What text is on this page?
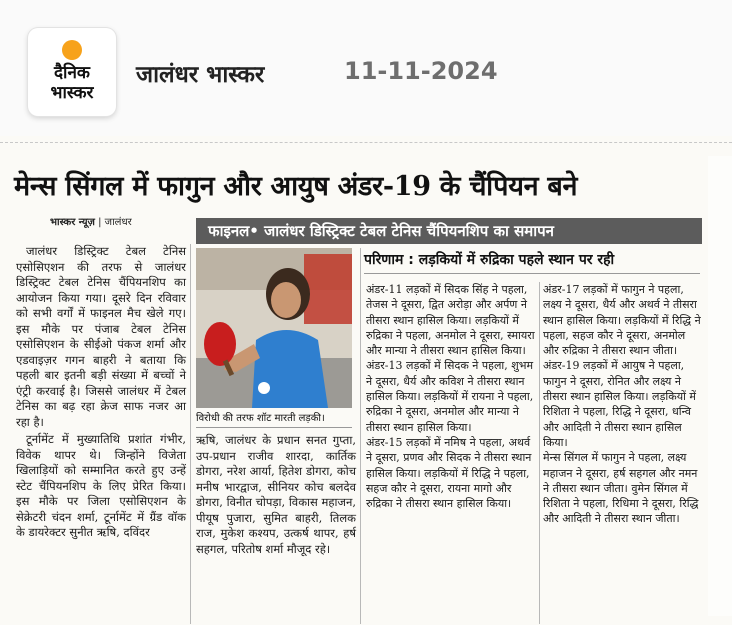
दैनिक
भास्कर
जालंधर भास्कर	11-11-2024
मेन्स सिंगल में फागुन और आयुष अंडर-19 के चैंपियन बने
भास्कर न्यूज़ | जालंधर

जालंधर डिस्ट्रिक्ट टेबल टेनिस एसोसिएशन की तरफ से जालंधर डिस्ट्रिक्ट टेबल टेनिस चैंपियनशिप का आयोजन किया गया। दूसरे दिन रविवार को सभी वर्गों में फाइनल मैच खेले गए। इस मौके पर पंजाब टेबल टेनिस एसोसिएशन के सीईओ पंकज शर्मा और एडवाइज़र गगन बाहरी ने बताया कि पहली बार इतनी बड़ी संख्या में बच्चों ने एंट्री करवाई है। जिससे जालंधर में टेबल टेनिस का बढ़ रहा क्रेज साफ नजर आ रहा है।

टूर्नामेंट में मुख्यातिथि प्रशांत गंभीर, विवेक थापर थे। जिन्होंने विजेता खिलाड़ियों को सम्मानित करते हुए उन्हें स्टेट चैंपियनशिप के लिए प्रेरित किया। इस मौके पर जिला एसोसिएशन के सेक्रेटरी चंदन शर्मा, टूर्नामेंट में ग्रैंड वॉक के डायरेक्टर सुनीत ऋषि, दविंदर

फाइनल• जालंधर डिस्ट्रिक्ट टेबल टेनिस चैंपियनशिप का समापन
विरोधी की तरफ शॉट मारती लड़की।
ऋषि, जालंधर के प्रधान सनत गुप्ता, उप-प्रधान राजीव शारदा, कार्तिक डोगरा, नरेश आर्या, हितेश डोगरा, कोच मनीष भारद्वाज, सीनियर कोच बलदेव डोगरा, विनीत चोपड़ा, विकास महाजन, पीयूष पुजारा, सुमित बाहरी, तिलक राज, मुकेश कश्यप, उत्कर्ष थापर, हर्ष सहगल, परितोष शर्मा मौजूद रहे।
परिणाम : लड़कियों में रुद्रिका पहले स्थान पर रही

अंडर-11 लड़कों में सिदक सिंह ने पहला, तेजस ने दूसरा, द्वित अरोड़ा और अर्पण ने तीसरा स्थान हासिल किया। लड़कियों में रुद्रिका ने पहला, अनमोल ने दूसरा, स्मायरा और मान्या ने तीसरा स्थान हासिल किया।

अंडर-13 लड़कों में सिदक ने पहला, शुभम ने दूसरा, धैर्य और कविश ने तीसरा स्थान हासिल किया। लड़कियों में रायना ने पहला, रुद्रिका ने दूसरा, अनमोल और मान्या ने तीसरा स्थान हासिल किया।

अंडर-15 लड़कों में नमिष ने पहला, अथर्व ने दूसरा, प्रणव और सिदक ने तीसरा स्थान हासिल किया। लड़कियों में रिद्धि ने पहला, सहज कौर ने दूसरा, रायना मागो और रुद्रिका ने तीसरा स्थान हासिल किया।

अंडर-17 लड़कों में फागुन ने पहला, लक्ष्य ने दूसरा, धैर्य और अथर्व ने तीसरा स्थान हासिल किया। लड़कियों में रिद्धि ने पहला, सहज कौर ने दूसरा, अनमोल और रुद्रिका ने तीसरा स्थान जीता।

अंडर-19 लड़कों में आयुष ने पहला, फागुन ने दूसरा, रोनित और लक्ष्य ने तीसरा स्थान हासिल किया। लड़कियों में रिशिता ने पहला, रिद्धि ने दूसरा, धन्वि और आदिती ने तीसरा स्थान हासिल किया।

मेन्स सिंगल में फागुन ने पहला, लक्ष्य महाजन ने दूसरा, हर्ष सहगल और नमन ने तीसरा स्थान जीता। वुमेन सिंगल में रिशिता ने पहला, रिधिमा ने दूसरा, रिद्धि और आदिती ने तीसरा स्थान जीता।
